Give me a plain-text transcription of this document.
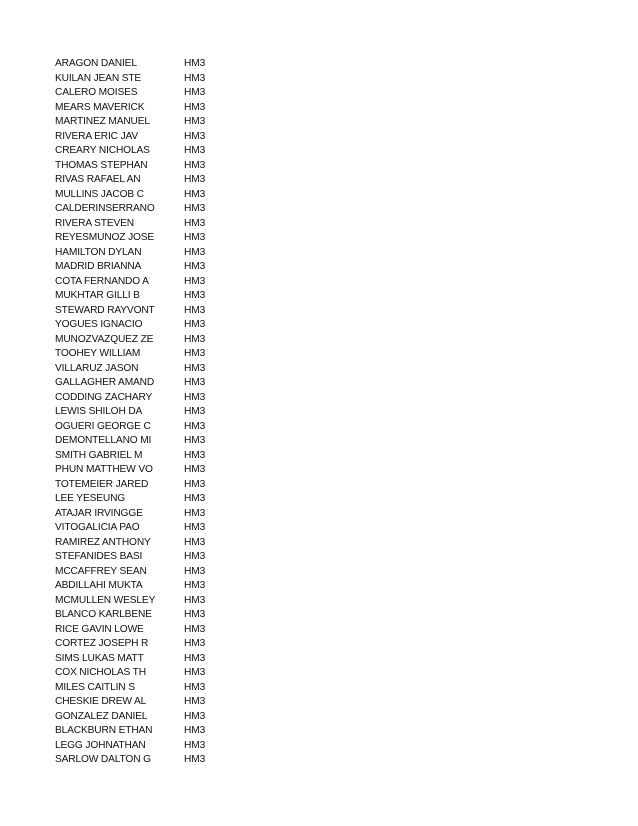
ARAGON DANIEL	HM3
KUILAN JEAN STE	HM3
CALERO MOISES	HM3
MEARS MAVERICK	HM3
MARTINEZ MANUEL	HM3
RIVERA ERIC JAV	HM3
CREARY NICHOLAS	HM3
THOMAS STEPHAN	HM3
RIVAS RAFAEL AN	HM3
MULLINS JACOB C	HM3
CALDERINSERRANO	HM3
RIVERA STEVEN	HM3
REYESMUNOZ JOSE	HM3
HAMILTON DYLAN	HM3
MADRID BRIANNA	HM3
COTA FERNANDO A	HM3
MUKHTAR GILLI B	HM3
STEWARD RAYVONT	HM3
YOGUES IGNACIO	HM3
MUNOZVAZQUEZ ZE	HM3
TOOHEY WILLIAM	HM3
VILLARUZ JASON	HM3
GALLAGHER AMAND	HM3
CODDING ZACHARY	HM3
LEWIS SHILOH DA	HM3
OGUERI GEORGE C	HM3
DEMONTELLANO MI	HM3
SMITH GABRIEL M	HM3
PHUN MATTHEW VO	HM3
TOTEMEIER JARED	HM3
LEE YESEUNG	HM3
ATAJAR IRVINGGE	HM3
VITOGALICIA PAO	HM3
RAMIREZ ANTHONY	HM3
STEFANIDES BASI	HM3
MCCAFFREY SEAN	HM3
ABDILLAHI MUKTA	HM3
MCMULLEN WESLEY	HM3
BLANCO KARLBENE	HM3
RICE GAVIN LOWE	HM3
CORTEZ JOSEPH R	HM3
SIMS LUKAS MATT	HM3
COX NICHOLAS TH	HM3
MILES CAITLIN S	HM3
CHESKIE DREW AL	HM3
GONZALEZ DANIEL	HM3
BLACKBURN ETHAN	HM3
LEGG JOHNATHAN	HM3
SARLOW DALTON G	HM3
